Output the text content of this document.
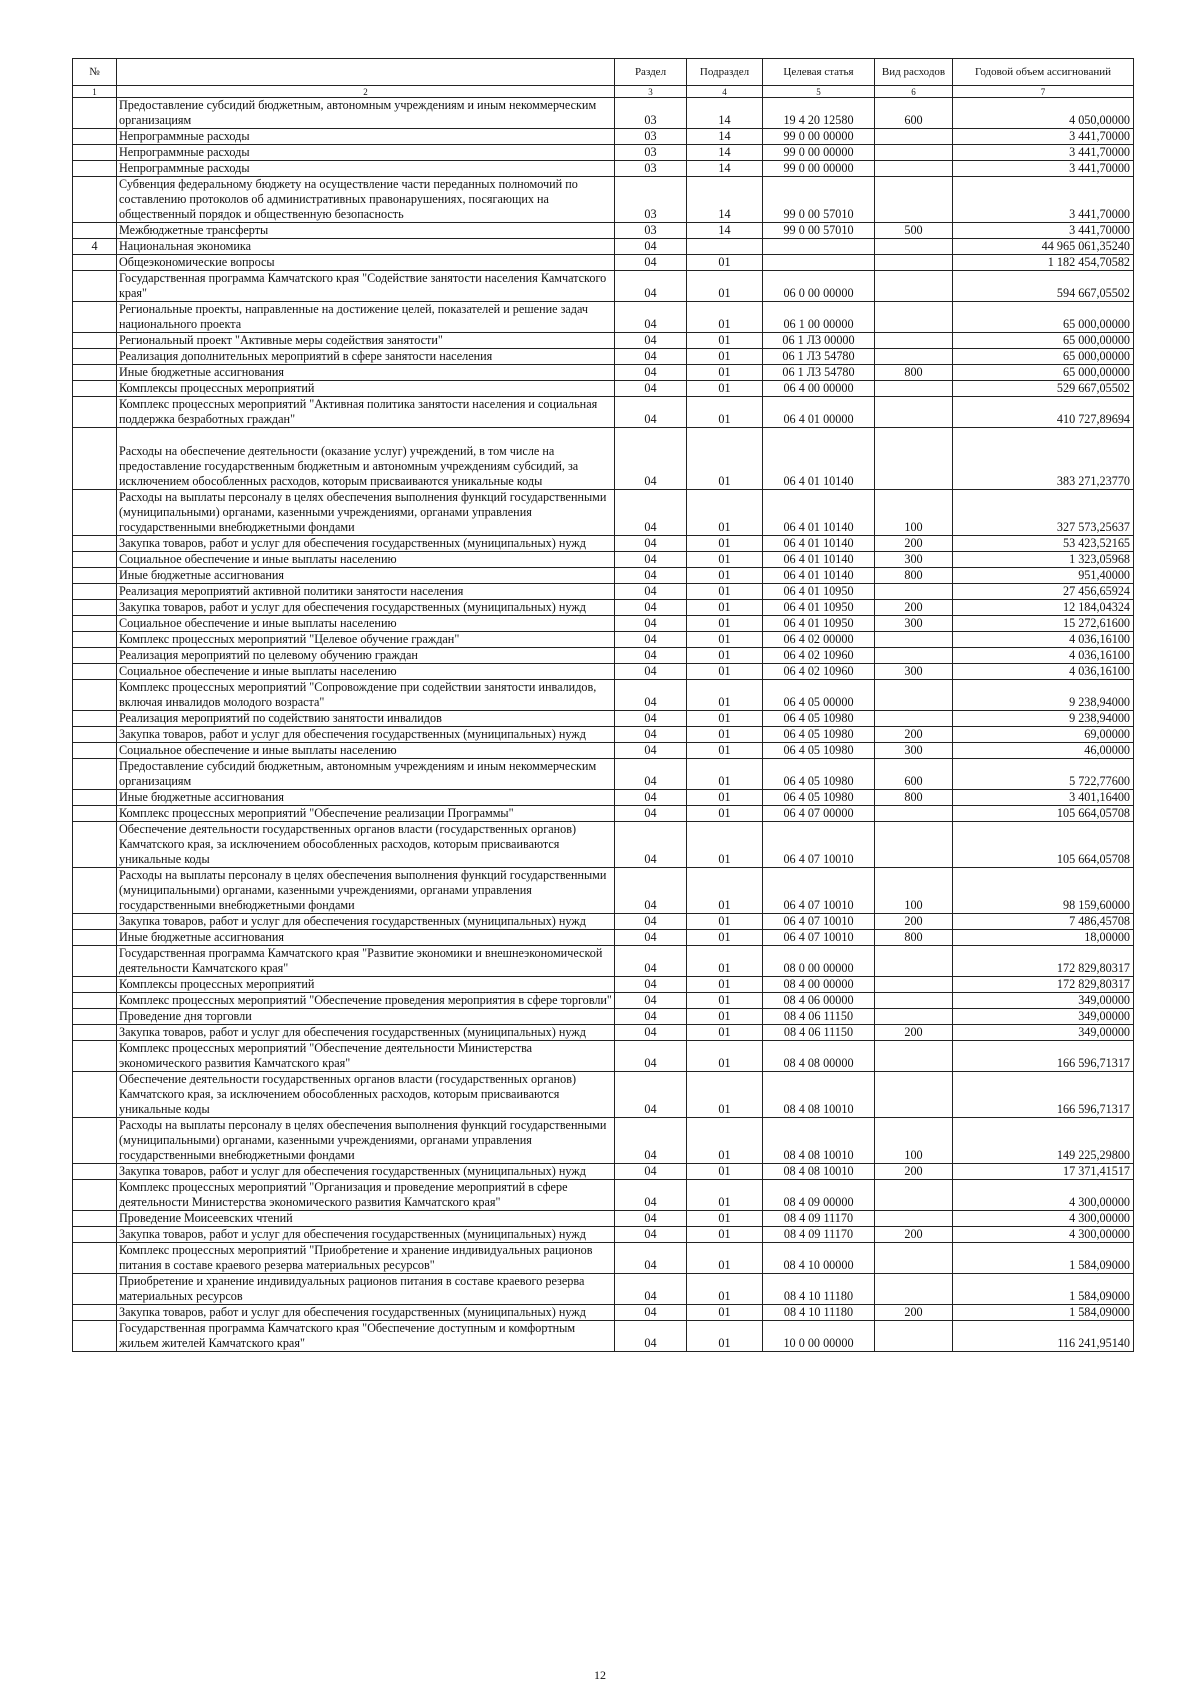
№		Раздел	Подраздел	Целевая статья	Вид расходов	Годовой объем ассигнований
1	2	3	4	5	6	7
	Предоставление субсидий бюджетным, автономным учреждениям и иным некоммерческим организациям	03	14	19 4 20 12580	600	4 050,00000
	Непрограммные расходы	03	14	99 0 00 00000		3 441,70000
	Непрограммные расходы	03	14	99 0 00 00000		3 441,70000
	Непрограммные расходы	03	14	99 0 00 00000		3 441,70000
	Субвенция федеральному бюджету на осуществление части переданных полномочий по составлению протоколов об административных правонарушениях, посягающих на общественный порядок и общественную безопасность	03	14	99 0 00 57010		3 441,70000
	Межбюджетные трансферты	03	14	99 0 00 57010	500	3 441,70000
4	Национальная экономика	04				44 965 061,35240
	Общеэкономические вопросы	04	01			1 182 454,70582
	Государственная программа Камчатского края "Содействие занятости населения Камчатского края"	04	01	06 0 00 00000		594 667,05502
	Региональные проекты, направленные на достижение целей, показателей и решение задач национального проекта	04	01	06 1 00 00000		65 000,00000
	Региональный проект "Активные меры содействия занятости"	04	01	06 1 Л3 00000		65 000,00000
	Реализация дополнительных мероприятий в сфере занятости населения	04	01	06 1 Л3 54780		65 000,00000
	Иные бюджетные ассигнования	04	01	06 1 Л3 54780	800	65 000,00000
	Комплексы процессных мероприятий	04	01	06 4 00 00000		529 667,05502
	Комплекс процессных мероприятий "Активная политика занятости населения и социальная поддержка безработных граждан"	04	01	06 4 01 00000		410 727,89694
	Расходы на обеспечение деятельности (оказание услуг) учреждений, в том числе на предоставление государственным бюджетным и автономным учреждениям субсидий, за исключением обособленных расходов, которым присваиваются уникальные коды	04	01	06 4 01 10140		383 271,23770
	Расходы на выплаты персоналу в целях обеспечения выполнения функций государственными (муниципальными) органами, казенными учреждениями, органами управления государственными внебюджетными фондами	04	01	06 4 01 10140	100	327 573,25637
	Закупка товаров, работ и услуг для обеспечения государственных (муниципальных) нужд	04	01	06 4 01 10140	200	53 423,52165
	Социальное обеспечение и иные выплаты населению	04	01	06 4 01 10140	300	1 323,05968
	Иные бюджетные ассигнования	04	01	06 4 01 10140	800	951,40000
	Реализация мероприятий активной политики занятости населения	04	01	06 4 01 10950		27 456,65924
	Закупка товаров, работ и услуг для обеспечения государственных (муниципальных) нужд	04	01	06 4 01 10950	200	12 184,04324
	Социальное обеспечение и иные выплаты населению	04	01	06 4 01 10950	300	15 272,61600
	Комплекс процессных мероприятий "Целевое обучение граждан"	04	01	06 4 02 00000		4 036,16100
	Реализация мероприятий по целевому обучению граждан	04	01	06 4 02 10960		4 036,16100
	Социальное обеспечение и иные выплаты населению	04	01	06 4 02 10960	300	4 036,16100
	Комплекс процессных мероприятий "Сопровождение при содействии занятости инвалидов, включая инвалидов молодого возраста"	04	01	06 4 05 00000		9 238,94000
	Реализация мероприятий по содействию занятости инвалидов	04	01	06 4 05 10980		9 238,94000
	Закупка товаров, работ и услуг для обеспечения государственных (муниципальных) нужд	04	01	06 4 05 10980	200	69,00000
	Социальное обеспечение и иные выплаты населению	04	01	06 4 05 10980	300	46,00000
	Предоставление субсидий бюджетным, автономным учреждениям и иным некоммерческим организациям	04	01	06 4 05 10980	600	5 722,77600
	Иные бюджетные ассигнования	04	01	06 4 05 10980	800	3 401,16400
	Комплекс процессных мероприятий "Обеспечение реализации Программы"	04	01	06 4 07 00000		105 664,05708
	Обеспечение деятельности государственных органов власти (государственных органов) Камчатского края, за исключением обособленных расходов, которым присваиваются уникальные коды	04	01	06 4 07 10010		105 664,05708
	Расходы на выплаты персоналу в целях обеспечения выполнения функций государственными (муниципальными) органами, казенными учреждениями, органами управления государственными внебюджетными фондами	04	01	06 4 07 10010	100	98 159,60000
	Закупка товаров, работ и услуг для обеспечения государственных (муниципальных) нужд	04	01	06 4 07 10010	200	7 486,45708
	Иные бюджетные ассигнования	04	01	06 4 07 10010	800	18,00000
	Государственная программа Камчатского края "Развитие экономики и внешнеэкономической деятельности Камчатского края"	04	01	08 0 00 00000		172 829,80317
	Комплексы процессных мероприятий	04	01	08 4 00 00000		172 829,80317
	Комплекс процессных мероприятий "Обеспечение проведения мероприятия в сфере торговли"	04	01	08 4 06 00000		349,00000
	Проведение дня торговли	04	01	08 4 06 11150		349,00000
	Закупка товаров, работ и услуг для обеспечения государственных (муниципальных) нужд	04	01	08 4 06 11150	200	349,00000
	Комплекс процессных мероприятий "Обеспечение деятельности Министерства экономического развития Камчатского края"	04	01	08 4 08 00000		166 596,71317
	Обеспечение деятельности государственных органов власти (государственных органов) Камчатского края, за исключением обособленных расходов, которым присваиваются уникальные коды	04	01	08 4 08 10010		166 596,71317
	Расходы на выплаты персоналу в целях обеспечения выполнения функций государственными (муниципальными) органами, казенными учреждениями, органами управления государственными внебюджетными фондами	04	01	08 4 08 10010	100	149 225,29800
	Закупка товаров, работ и услуг для обеспечения государственных (муниципальных) нужд	04	01	08 4 08 10010	200	17 371,41517
	Комплекс процессных мероприятий "Организация и проведение мероприятий в сфере деятельности Министерства экономического развития Камчатского края"	04	01	08 4 09 00000		4 300,00000
	Проведение Моисеевских чтений	04	01	08 4 09 11170		4 300,00000
	Закупка товаров, работ и услуг для обеспечения государственных (муниципальных) нужд	04	01	08 4 09 11170	200	4 300,00000
	Комплекс процессных мероприятий "Приобретение и хранение индивидуальных рационов питания в составе краевого резерва материальных ресурсов"	04	01	08 4 10 00000		1 584,09000
	Приобретение и хранение индивидуальных рационов питания в составе краевого резерва материальных ресурсов	04	01	08 4 10 11180		1 584,09000
	Закупка товаров, работ и услуг для обеспечения государственных (муниципальных) нужд	04	01	08 4 10 11180	200	1 584,09000
	Государственная программа Камчатского края "Обеспечение доступным и комфортным жильем жителей Камчатского края"	04	01	10 0 00 00000		116 241,95140
12
